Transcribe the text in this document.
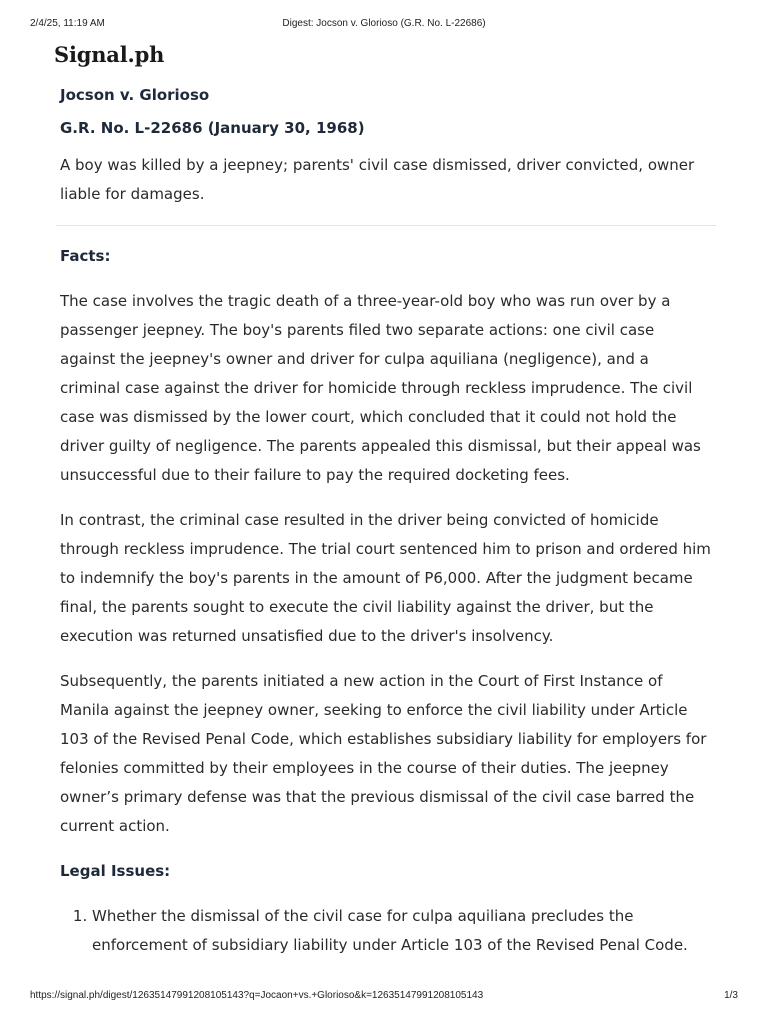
2/4/25, 11:19 AM	Digest: Jocson v. Glorioso (G.R. No. L-22686)
Signal.ph

Jocson v. Glorioso

G.R. No. L-22686 (January 30, 1968)

A boy was killed by a jeepney; parents' civil case dismissed, driver convicted, owner liable for damages.

Facts:

The case involves the tragic death of a three-year-old boy who was run over by a passenger jeepney. The boy's parents filed two separate actions: one civil case against the jeepney's owner and driver for culpa aquiliana (negligence), and a criminal case against the driver for homicide through reckless imprudence. The civil case was dismissed by the lower court, which concluded that it could not hold the driver guilty of negligence. The parents appealed this dismissal, but their appeal was unsuccessful due to their failure to pay the required docketing fees.

In contrast, the criminal case resulted in the driver being convicted of homicide through reckless imprudence. The trial court sentenced him to prison and ordered him to indemnify the boy's parents in the amount of P6,000. After the judgment became final, the parents sought to execute the civil liability against the driver, but the execution was returned unsatisfied due to the driver's insolvency.

Subsequently, the parents initiated a new action in the Court of First Instance of Manila against the jeepney owner, seeking to enforce the civil liability under Article 103 of the Revised Penal Code, which establishes subsidiary liability for employers for felonies committed by their employees in the course of their duties. The jeepney owner’s primary defense was that the previous dismissal of the civil case barred the current action.

Legal Issues:

1. Whether the dismissal of the civil case for culpa aquiliana precludes the enforcement of subsidiary liability under Article 103 of the Revised Penal Code.
https://signal.ph/digest/12635147991208105143?q=Jocaon+vs.+Glorioso&k=12635147991208105143	1/3
